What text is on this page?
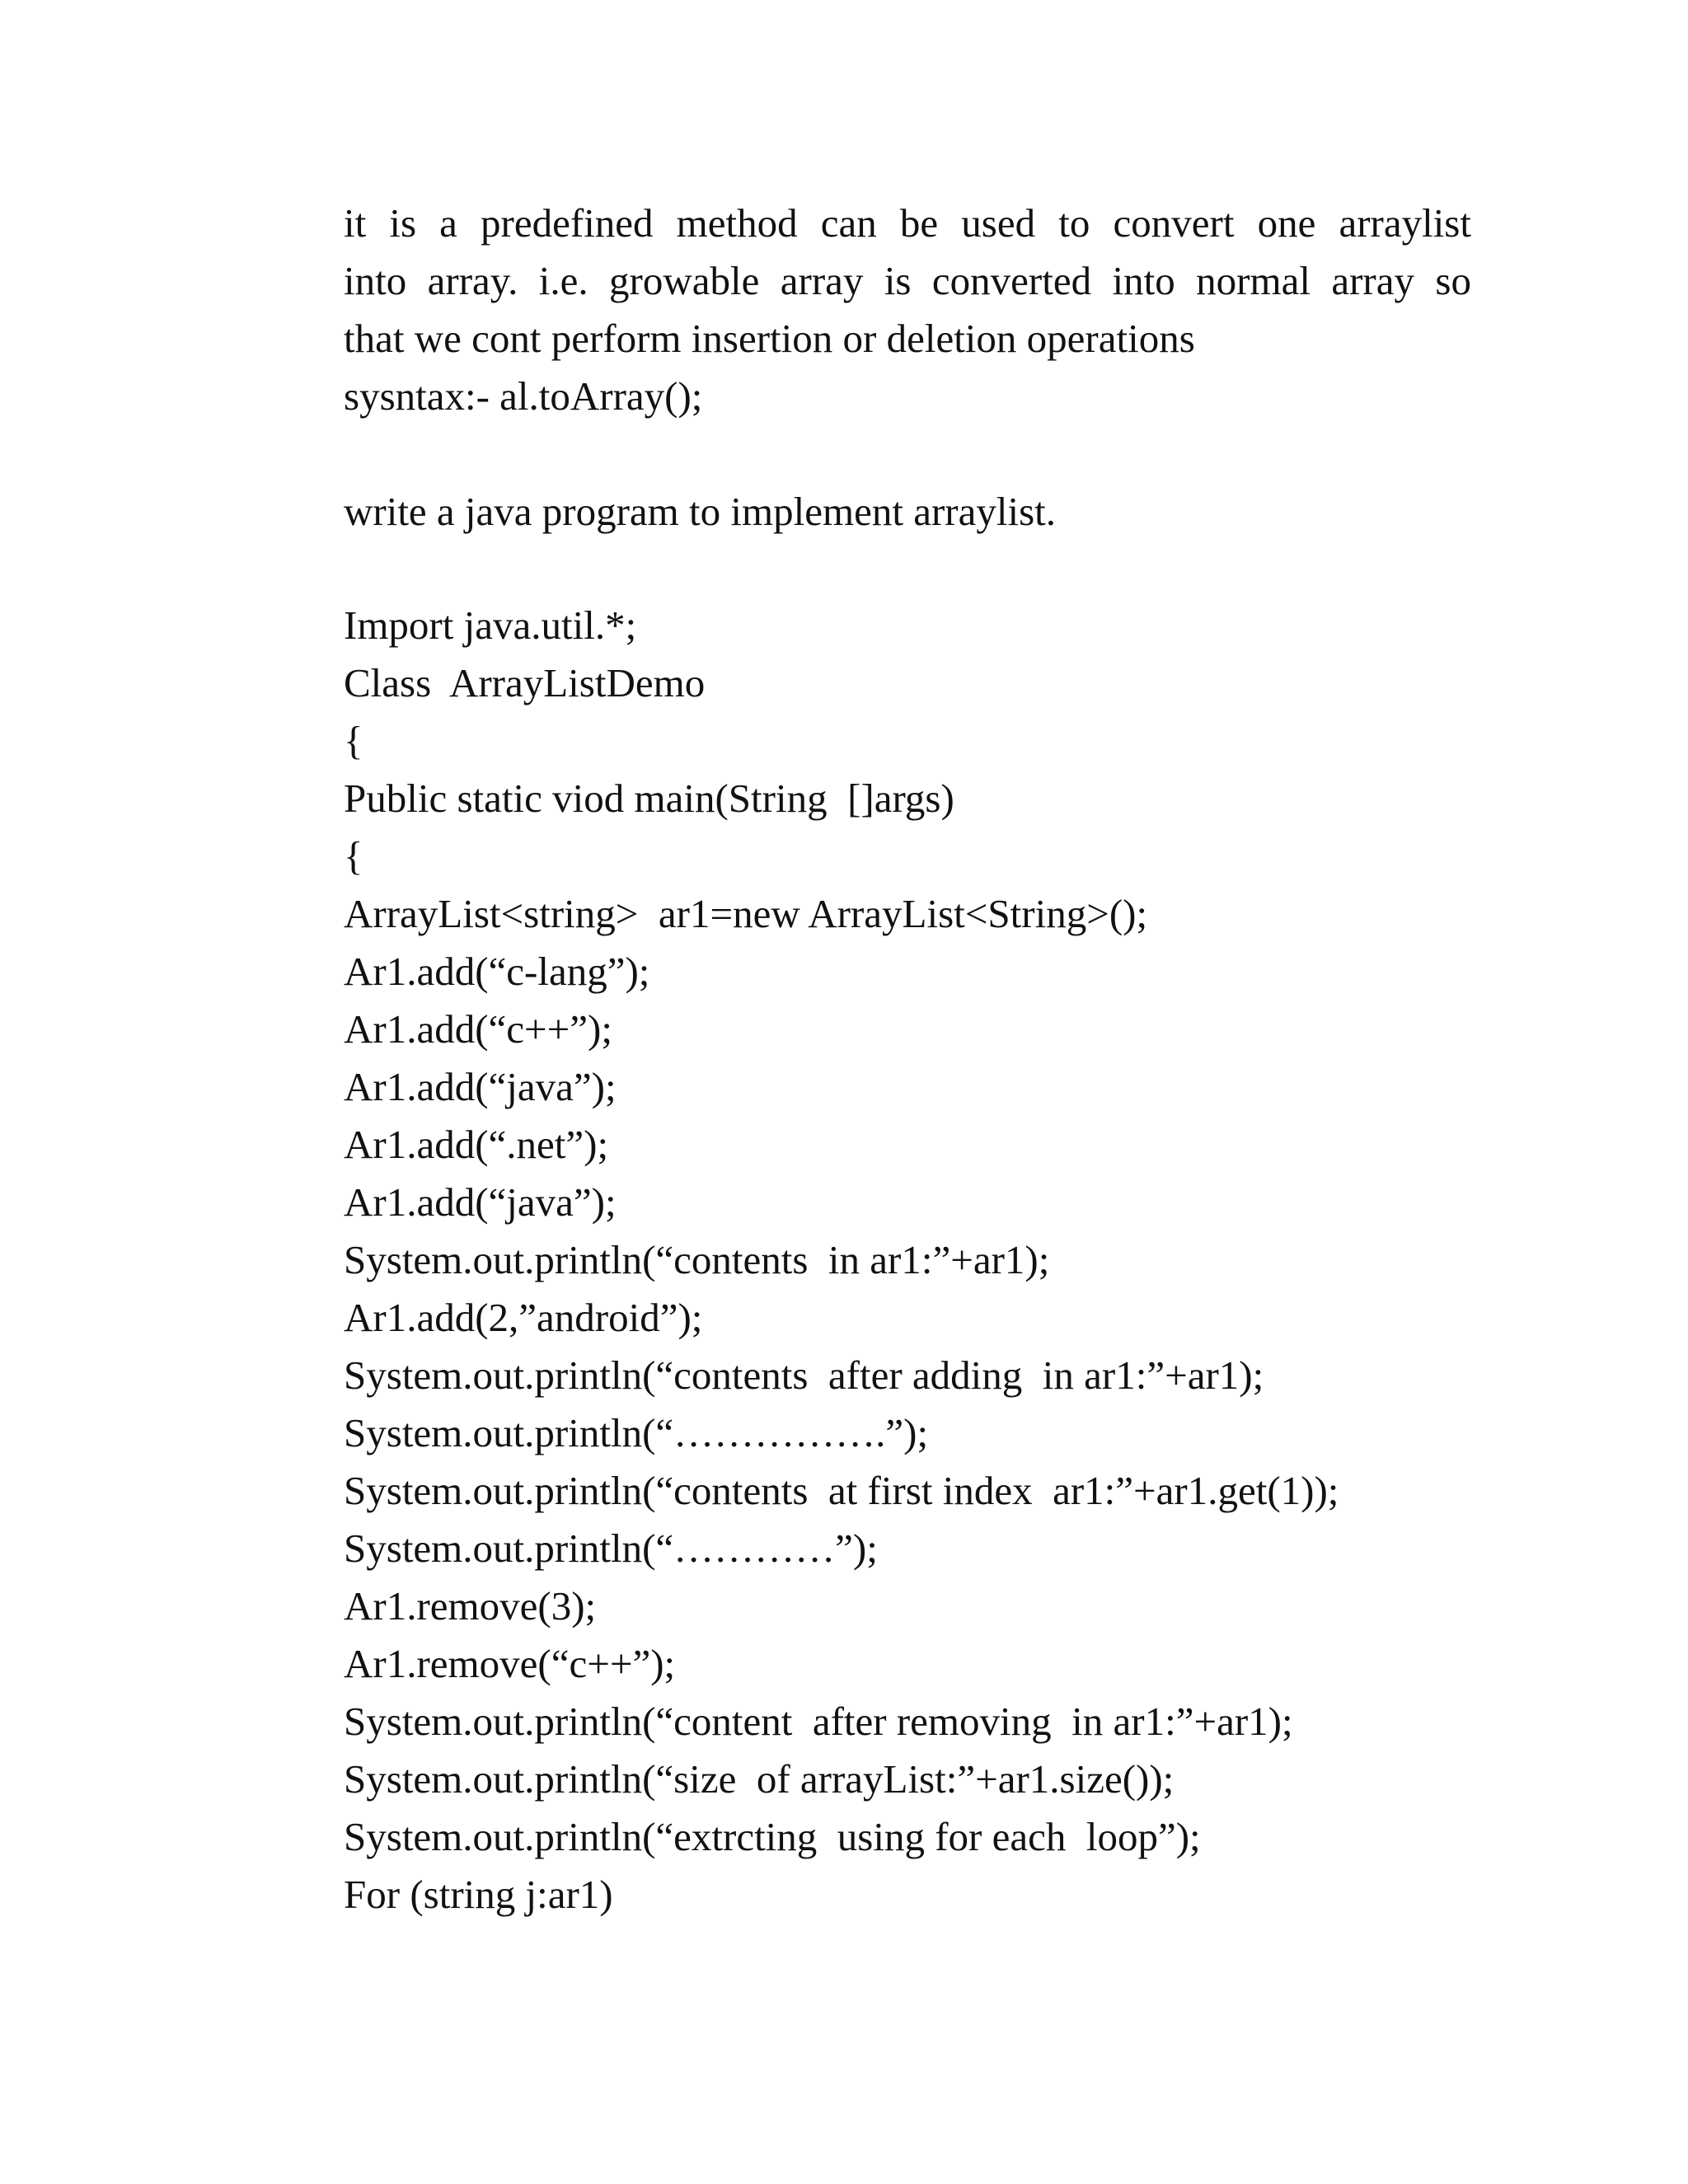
it is a predefined method can be used to convert one arraylist
into array. i.e. growable array is converted into normal array so
that we cont perform insertion or deletion operations
sysntax:- al.toArray();
write a java program to implement arraylist.
Import java.util.*;
Class  ArrayListDemo
{
Public static viod main(String  []args)
{
ArrayList<string>  ar1=new ArrayList<String>();
Ar1.add(“c-lang”);
Ar1.add(“c++”);
Ar1.add(“java”);
Ar1.add(“.net”);
Ar1.add(“java”);
System.out.println(“contents  in ar1:”+ar1);
Ar1.add(2,”android”);
System.out.println(“contents  after adding  in ar1:”+ar1);
System.out.println(“…………….”);
System.out.println(“contents  at first index  ar1:”+ar1.get(1));
System.out.println(“…………”);
Ar1.remove(3);
Ar1.remove(“c++”);
System.out.println(“content  after removing  in ar1:”+ar1);
System.out.println(“size  of arrayList:”+ar1.size());
System.out.println(“extrcting  using for each  loop”);
For (string j:ar1)
